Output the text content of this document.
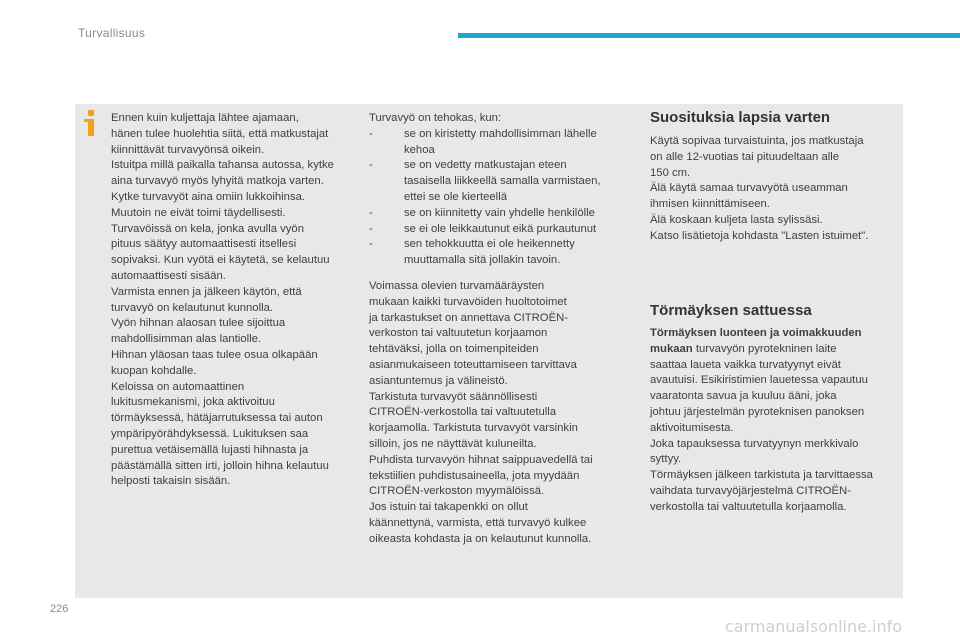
Turvallisuus

Ennen kuin kuljettaja lähtee ajamaan,

hänen tulee huolehtia siitä, että matkustajat

kiinnittävät turvavyönsä oikein.

Istuitpa millä paikalla tahansa autossa, kytke

aina turvavyö myös lyhyitä matkoja varten.

Kytke turvavyöt aina omiin lukkoihinsa.

Muutoin ne eivät toimi täydellisesti.

Turvavöissä on kela, jonka avulla vyön

pituus säätyy automaattisesti itsellesi

sopivaksi. Kun vyötä ei käytetä, se kelautuu

automaattisesti sisään.

Varmista ennen ja jälkeen käytön, että

turvavyö on kelautunut kunnolla.

Vyön hihnan alaosan tulee sijoittua

mahdollisimman alas lantiolle.

Hihnan yläosan taas tulee osua olkapään

kuopan kohdalle.

Keloissa on automaattinen

lukitusmekanismi, joka aktivoituu

törmäyksessä, hätäjarrutuksessa tai auton

ympäripyörähdyksessä. Lukituksen saa

purettua vetäisemällä lujasti hihnasta ja

päästämällä sitten irti, jolloin hihna kelautuu

helposti takaisin sisään.

Turvavyö on tehokas, kun:

- se on kiristetty mahdollisimman lähelle
kehoa
- se on vedetty matkustajan eteen
tasaisella liikkeellä samalla varmistaen,
ettei se ole kierteellä
- se on kiinnitetty vain yhdelle henkilölle
- se ei ole leikkautunut eikä purkautunut
- sen tehokkuutta ei ole heikennetty
muuttamalla sitä jollakin tavoin.

Voimassa olevien turvamääräysten

mukaan kaikki turvavöiden huoltotoimet

ja tarkastukset on annettava CITROËN-

verkoston tai valtuutetun korjaamon

tehtäväksi, jolla on toimenpiteiden

asianmukaiseen toteuttamiseen tarvittava

asiantuntemus ja välineistö.

Tarkistuta turvavyöt säännöllisesti

CITROËN-verkostolla tai valtuutetulla

korjaamolla. Tarkistuta turvavyöt varsinkin

silloin, jos ne näyttävät kuluneilta.

Puhdista turvavyön hihnat saippuavedellä tai

tekstiilien puhdistusaineella, jota myydään

CITROËN-verkoston myymälöissä.

Jos istuin tai takapenkki on ollut

käännettynä, varmista, että turvavyö kulkee

oikeasta kohdasta ja on kelautunut kunnolla.

Suosituksia lapsia varten

Käytä sopivaa turvaistuinta, jos matkustaja

on alle 12-vuotias tai pituudeltaan alle

150 cm.

Älä käytä samaa turvavyötä useamman

ihmisen kiinnittämiseen.

Älä koskaan kuljeta lasta sylissäsi.

Katso lisätietoja kohdasta "Lasten istuimet".

Törmäyksen sattuessa

Törmäyksen luonteen ja voimakkuuden

mukaan turvavyön pyrotekninen laite

saattaa laueta vaikka turvatyynyt eivät

avautuisi. Esikiristimien lauetessa vapautuu

vaaratonta savua ja kuuluu ääni, joka

johtuu järjestelmän pyroteknisen panoksen

aktivoitumisesta.

Joka tapauksessa turvatyynyn merkkivalo

syttyy.

Törmäyksen jälkeen tarkistuta ja tarvittaessa

vaihdata turvavyöjärjestelmä CITROËN-

verkostolla tai valtuutetulla korjaamolla.

226
carmanualsonline.info
